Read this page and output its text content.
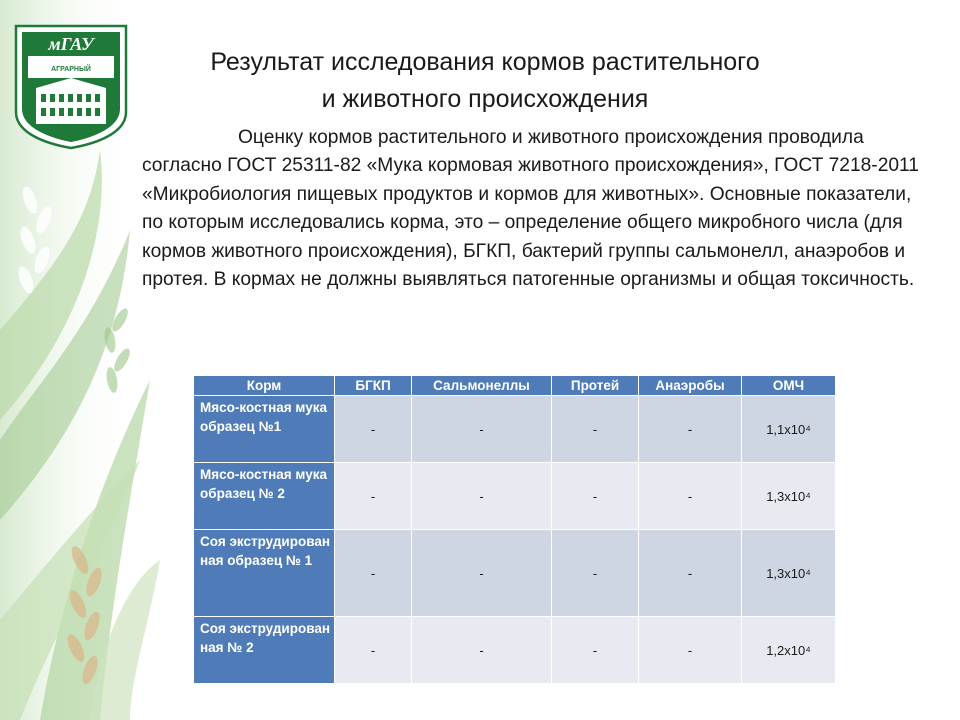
мГАУ
АГРАРНЫЙ	Результат исследования кормов растительного
и животного происхождения

Оценку кормов растительного и животного происхождения проводила согласно ГОСТ 25311-82 «Мука кормовая животного происхождения», ГОСТ 7218-2011 «Микробиология пищевых продуктов и кормов для животных». Основные показатели, по которым исследовались корма, это – определение общего микробного числа (для кормов животного происхождения), БГКП, бактерий группы сальмонелл, анаэробов и протея. В кормах не должны выявляться патогенные организмы и общая токсичность.

Корм	БГКП	Сальмонеллы	Протей	Анаэробы	ОМЧ
Мясо-костная мука образец №1	-	-	-	-	1,1х10⁴
Мясо-костная мука образец № 2	-	-	-	-	1,3х10⁴
Соя экструдирован ная образец № 1	-	-	-	-	1,3х10⁴
Соя экструдирован ная № 2	-	-	-	-	1,2х10⁴
